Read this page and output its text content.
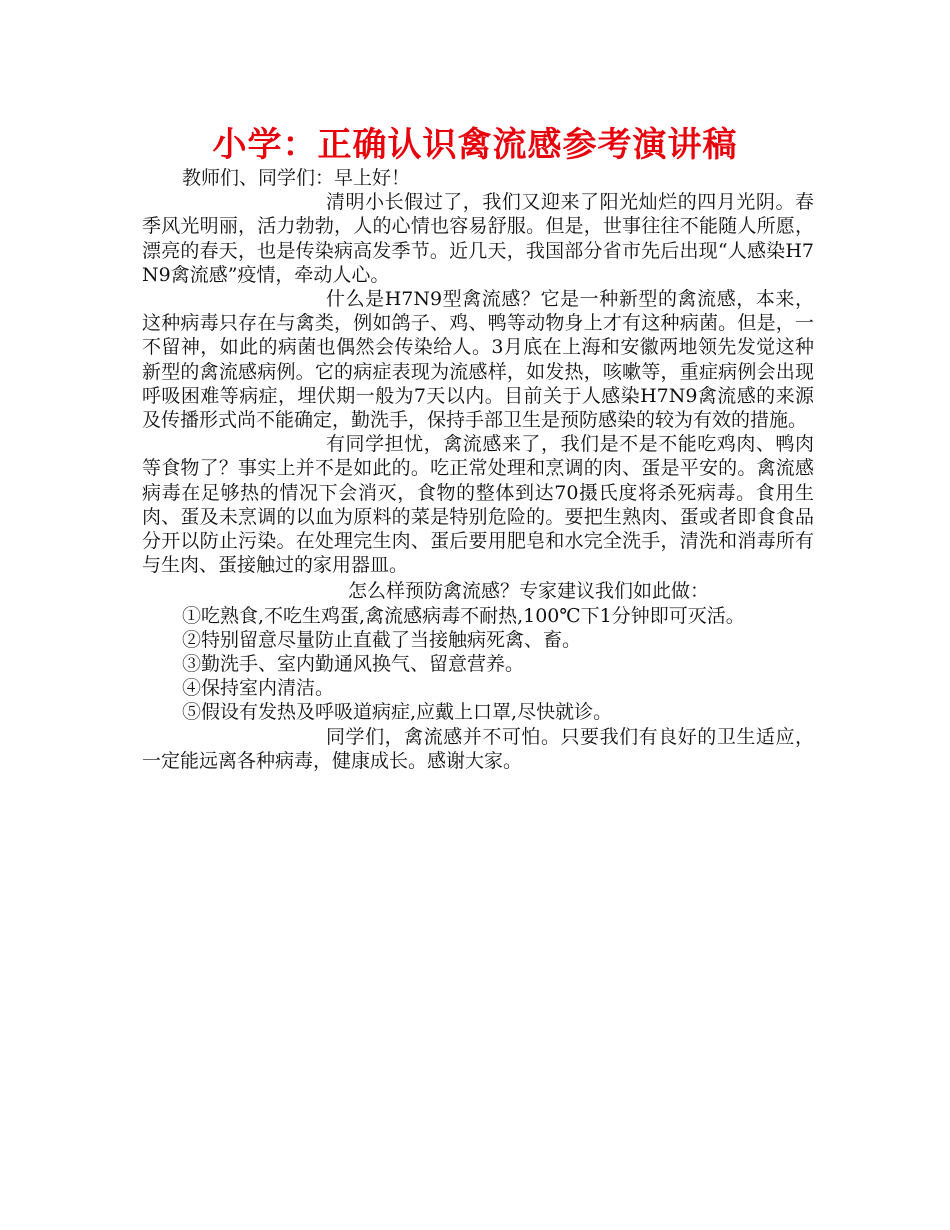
小学：正确认识禽流感参考演讲稿

教师们、同学们：早上好！

清明小长假过了，我们又迎来了阳光灿烂的四月光阴。春季风光明丽，活力勃勃，人的心情也容易舒服。但是，世事往往不能随人所愿，漂亮的春天，也是传染病高发季节。近几天，我国部分省市先后出现“人感染H7N9禽流感”疫情，牵动人心。

什么是H7N9型禽流感？它是一种新型的禽流感，本来，这种病毒只存在与禽类，例如鸽子、鸡、鸭等动物身上才有这种病菌。但是，一不留神，如此的病菌也偶然会传染给人。3月底在上海和安徽两地领先发觉这种新型的禽流感病例。它的病症表现为流感样，如发热，咳嗽等，重症病例会出现呼吸困难等病症，埋伏期一般为7天以内。目前关于人感染H7N9禽流感的来源及传播形式尚不能确定，勤洗手，保持手部卫生是预防感染的较为有效的措施。

有同学担忧，禽流感来了，我们是不是不能吃鸡肉、鸭肉等食物了？事实上并不是如此的。吃正常处理和烹调的肉、蛋是平安的。禽流感病毒在足够热的情况下会消灭，食物的整体到达70摄氏度将杀死病毒。食用生肉、蛋及未烹调的以血为原料的菜是特别危险的。要把生熟肉、蛋或者即食食品分开以防止污染。在处理完生肉、蛋后要用肥皂和水完全洗手，清洗和消毒所有与生肉、蛋接触过的家用器皿。

怎么样预防禽流感？专家建议我们如此做：

①吃熟食,不吃生鸡蛋,禽流感病毒不耐热,100℃下1分钟即可灭活。

②特别留意尽量防止直截了当接触病死禽、畜。

③勤洗手、室内勤通风换气、留意营养。

④保持室内清洁。

⑤假设有发热及呼吸道病症,应戴上口罩,尽快就诊。

同学们，禽流感并不可怕。只要我们有良好的卫生适应，一定能远离各种病毒，健康成长。感谢大家。
